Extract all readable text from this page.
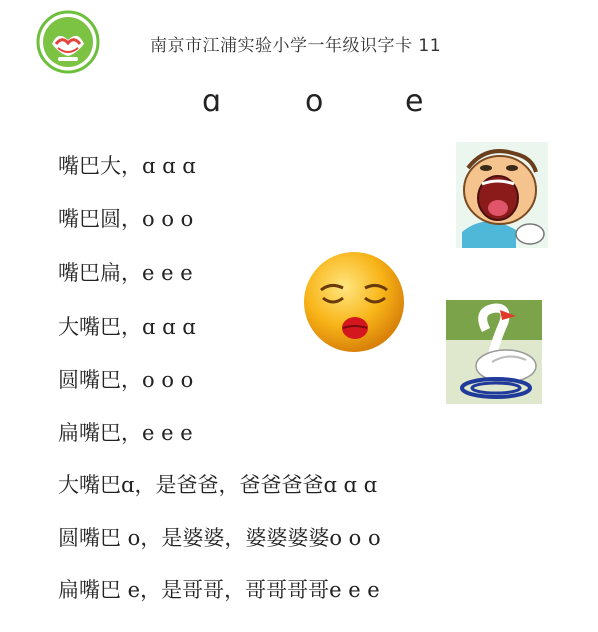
南京市江浦实验小学一年级识字卡 11
ɑ	o	e
嘴巴大，ɑ ɑ ɑ
嘴巴圆，o o o
嘴巴扁，e e e
大嘴巴，ɑ ɑ ɑ
圆嘴巴，o o o
扁嘴巴，e e e
大嘴巴ɑ，是爸爸，爸爸爸爸ɑ ɑ ɑ
圆嘴巴 o，是婆婆，婆婆婆婆o o o
扁嘴巴 e，是哥哥，哥哥哥哥e e e
